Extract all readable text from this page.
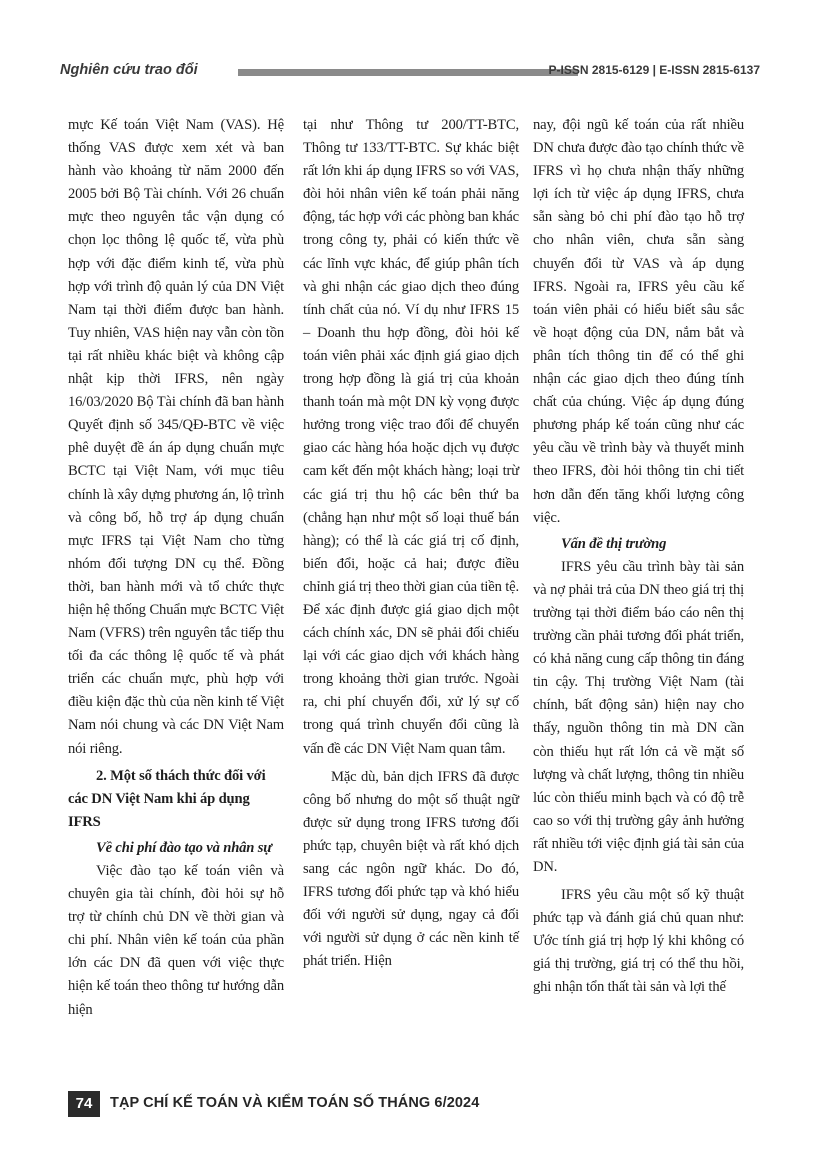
Nghiên cứu trao đổi	P-ISSN 2815-6129 | E-ISSN 2815-6137

mực Kế toán Việt Nam (VAS). Hệ thống VAS được xem xét và ban hành vào khoảng từ năm 2000 đến 2005 bởi Bộ Tài chính. Với 26 chuẩn mực theo nguyên tắc vận dụng có chọn lọc thông lệ quốc tế, vừa phù hợp với đặc điểm kinh tế, vừa phù hợp với trình độ quản lý của DN Việt Nam tại thời điểm được ban hành. Tuy nhiên, VAS hiện nay vẫn còn tồn tại rất nhiều khác biệt và không cập nhật kịp thời IFRS, nên ngày 16/03/2020 Bộ Tài chính đã ban hành Quyết định số 345/QĐ-BTC về việc phê duyệt đề án áp dụng chuẩn mực BCTC tại Việt Nam, với mục tiêu chính là xây dựng phương án, lộ trình và công bố, hỗ trợ áp dụng chuẩn mực IFRS tại Việt Nam cho từng nhóm đối tượng DN cụ thể. Đồng thời, ban hành mới và tổ chức thực hiện hệ thống Chuẩn mực BCTC Việt Nam (VFRS) trên nguyên tắc tiếp thu tối đa các thông lệ quốc tế và phát triển các chuẩn mực, phù hợp với điều kiện đặc thù của nền kinh tế Việt Nam nói chung và các DN Việt Nam nói riêng.

2. Một số thách thức đối với các DN Việt Nam khi áp dụng IFRS
Về chi phí đào tạo và nhân sự

Việc đào tạo kế toán viên và chuyên gia tài chính, đòi hỏi sự hỗ trợ từ chính chủ DN về thời gian và chi phí. Nhân viên kế toán của phần lớn các DN đã quen với việc thực hiện kế toán theo thông tư hướng dẫn hiện

tại như Thông tư 200/TT-BTC, Thông tư 133/TT-BTC. Sự khác biệt rất lớn khi áp dụng IFRS so với VAS, đòi hỏi nhân viên kế toán phải năng động, tác hợp với các phòng ban khác trong công ty, phải có kiến thức về các lĩnh vực khác, để giúp phân tích và ghi nhận các giao dịch theo đúng tính chất của nó. Ví dụ như IFRS 15 – Doanh thu hợp đồng, đòi hỏi kế toán viên phải xác định giá giao dịch trong hợp đồng là giá trị của khoản thanh toán mà một DN kỳ vọng được hưởng trong việc trao đổi để chuyển giao các hàng hóa hoặc dịch vụ được cam kết đến một khách hàng; loại trừ các giá trị thu hộ các bên thứ ba (chẳng hạn như một số loại thuế bán hàng); có thể là các giá trị cố định, biến đổi, hoặc cả hai; được điều chỉnh giá trị theo thời gian của tiền tệ. Để xác định được giá giao dịch một cách chính xác, DN sẽ phải đối chiếu lại với các giao dịch với khách hàng trong khoảng thời gian trước. Ngoài ra, chi phí chuyển đổi, xử lý sự cố trong quá trình chuyển đổi cũng là vấn đề các DN Việt Nam quan tâm.

Mặc dù, bản dịch IFRS đã được công bố nhưng do một số thuật ngữ được sử dụng trong IFRS tương đối phức tạp, chuyên biệt và rất khó dịch sang các ngôn ngữ khác. Do đó, IFRS tương đối phức tạp và khó hiểu đối với người sử dụng, ngay cả đối với người sử dụng ở các nền kinh tế phát triển. Hiện

nay, đội ngũ kế toán của rất nhiều DN chưa được đào tạo chính thức về IFRS vì họ chưa nhận thấy những lợi ích từ việc áp dụng IFRS, chưa sẵn sàng bỏ chi phí đào tạo hỗ trợ cho nhân viên, chưa sẵn sàng chuyển đổi từ VAS và áp dụng IFRS. Ngoài ra, IFRS yêu cầu kế toán viên phải có hiểu biết sâu sắc về hoạt động của DN, nắm bắt và phân tích thông tin để có thể ghi nhận các giao dịch theo đúng tính chất của chúng. Việc áp dụng đúng phương pháp kế toán cũng như các yêu cầu về trình bày và thuyết minh theo IFRS, đòi hỏi thông tin chi tiết hơn dẫn đến tăng khối lượng công việc.

Vấn đề thị trường

IFRS yêu cầu trình bày tài sản và nợ phải trả của DN theo giá trị thị trường tại thời điểm báo cáo nên thị trường cần phải tương đối phát triển, có khả năng cung cấp thông tin đáng tin cậy. Thị trường Việt Nam (tài chính, bất động sản) hiện nay cho thấy, nguồn thông tin mà DN cần còn thiếu hụt rất lớn cả về mặt số lượng và chất lượng, thông tin nhiều lúc còn thiếu minh bạch và có độ trễ cao so với thị trường gây ảnh hưởng rất nhiều tới việc định giá tài sản của DN.

IFRS yêu cầu một số kỹ thuật phức tạp và đánh giá chủ quan như: Ước tính giá trị hợp lý khi không có giá thị trường, giá trị có thể thu hồi, ghi nhận tổn thất tài sản và lợi thế

74	TẠP CHÍ KẾ TOÁN VÀ KIỂM TOÁN SỐ THÁNG 6/2024
